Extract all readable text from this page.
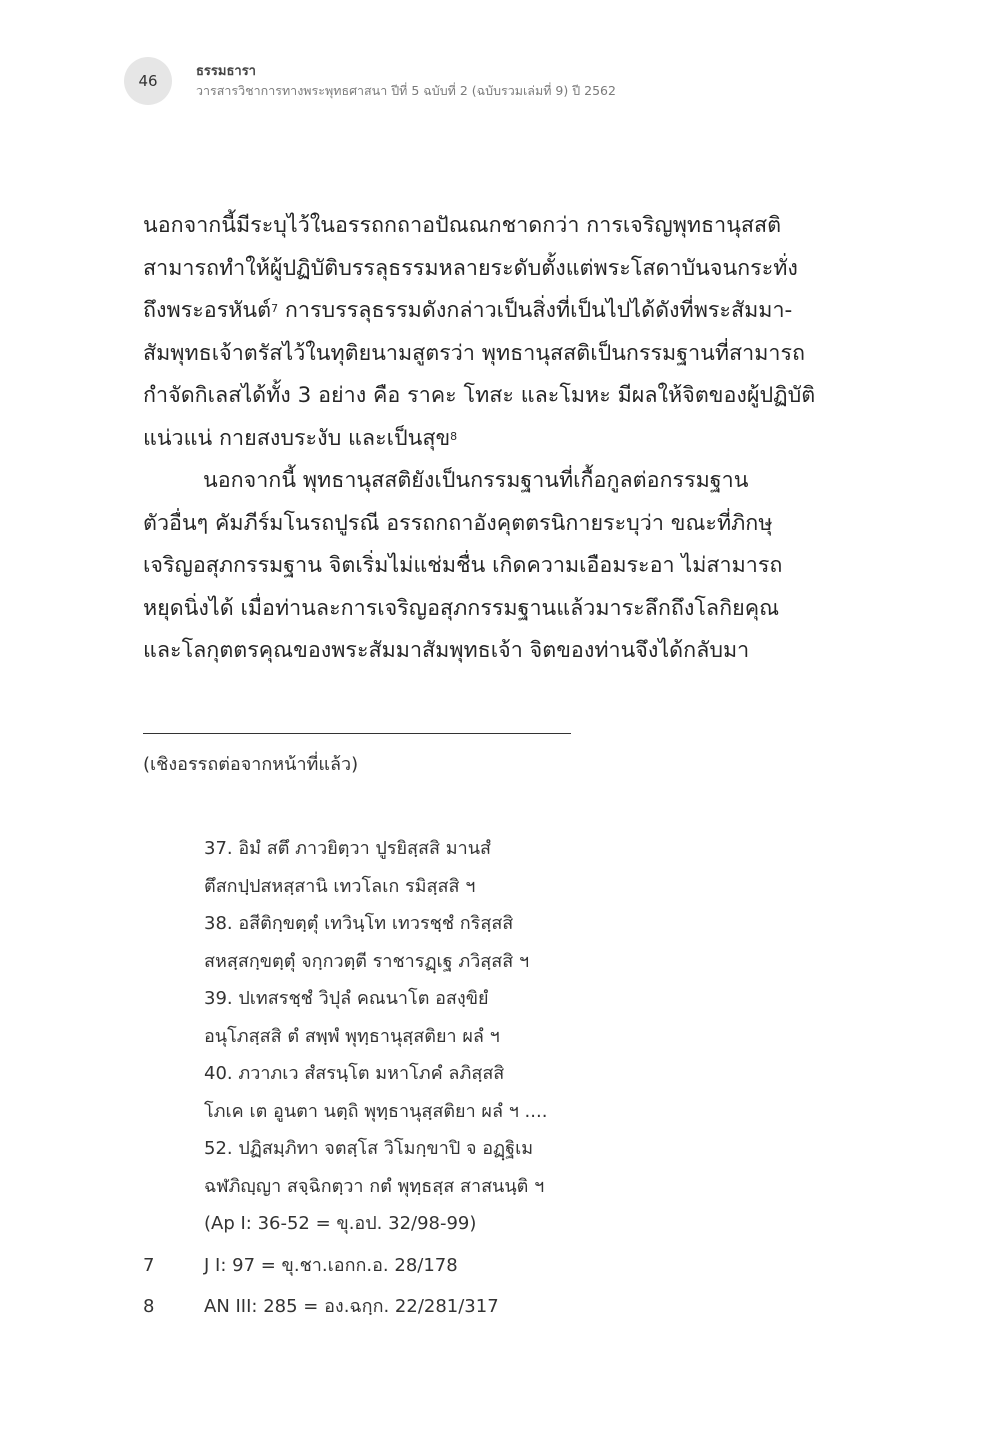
46
ธรรมธารา
วารสารวิชาการทางพระพุทธศาสนา ปีที่ 5 ฉบับที่ 2 (ฉบับรวมเล่มที่ 9) ปี 2562

นอกจากนี้มีระบุไว้ในอรรถกถาอปัณณกชาดกว่า การเจริญพุทธานุสสติ
สามารถทำให้ผู้ปฏิบัติบรรลุธรรมหลายระดับตั้งแต่พระโสดาบันจนกระทั่ง
ถึงพระอรหันต์$^7$ การบรรลุธรรมดังกล่าวเป็นสิ่งที่เป็นไปได้ดังที่พระสัมมา-
สัมพุทธเจ้าตรัสไว้ในทุติยนามสูตรว่า พุทธานุสสติเป็นกรรมฐานที่สามารถ
กำจัดกิเลสได้ทั้ง 3 อย่าง คือ ราคะ โทสะ และโมหะ มีผลให้จิตของผู้ปฏิบัติ
แน่วแน่ กายสงบระงับ และเป็นสุข$^8$

นอกจากนี้ พุทธานุสสติยังเป็นกรรมฐานที่เกื้อกูลต่อกรรมฐาน
ตัวอื่นๆ คัมภีร์มโนรถปูรณี อรรถกถาอังคุตตรนิกายระบุว่า ขณะที่ภิกษุ
เจริญอสุภกรรมฐาน จิตเริ่มไม่แช่มชื่น เกิดความเอือมระอา ไม่สามารถ
หยุดนิ่งได้ เมื่อท่านละการเจริญอสุภกรรมฐานแล้วมาระลึกถึงโลกิยคุณ
และโลกุตตรคุณของพระสัมมาสัมพุทธเจ้า จิตของท่านจึงได้กลับมา

(เชิงอรรถต่อจากหน้าที่แล้ว)
37. อิมํ สตึ ภาวยิตฺวา ปูรยิสฺสสิ มานสํ
ตึสกปฺปสหสฺสานิ เทวโลเก รมิสฺสสิ ฯ
38. อสีติกฺขตฺตุํ เทวินฺโท เทวรชฺชํ กริสฺสสิ
สหสฺสกฺขตฺตุํ จกฺกวตฺตี ราชารฏฺเฐ ภวิสฺสสิ ฯ
39. ปเทสรชฺชํ วิปุลํ คณนาโต อสงฺขิยํ
อนุโภสฺสสิ ตํ สพฺพํ พุทฺธานุสฺสติยา ผลํ ฯ
40. ภวาภเว สํสรนฺโต มหาโภคํ ลภิสฺสสิ
โภเค เต อูนตา นตฺถิ พุทฺธานุสฺสติยา ผลํ ฯ ....
52. ปฏิสมฺภิทา จตสฺโส วิโมกฺขาปิ จ อฏฺฐิเม
ฉฬภิญฺญา สจฺฉิกตฺวา กตํ พุทฺธสฺส สาสนนฺติ ฯ
(Ap I: 36-52 = ขุ.อป. 32/98-99)
7	J I: 97 = ขุ.ชา.เอกก.อ. 28/178
8	AN III: 285 = อง.ฉกฺก. 22/281/317
